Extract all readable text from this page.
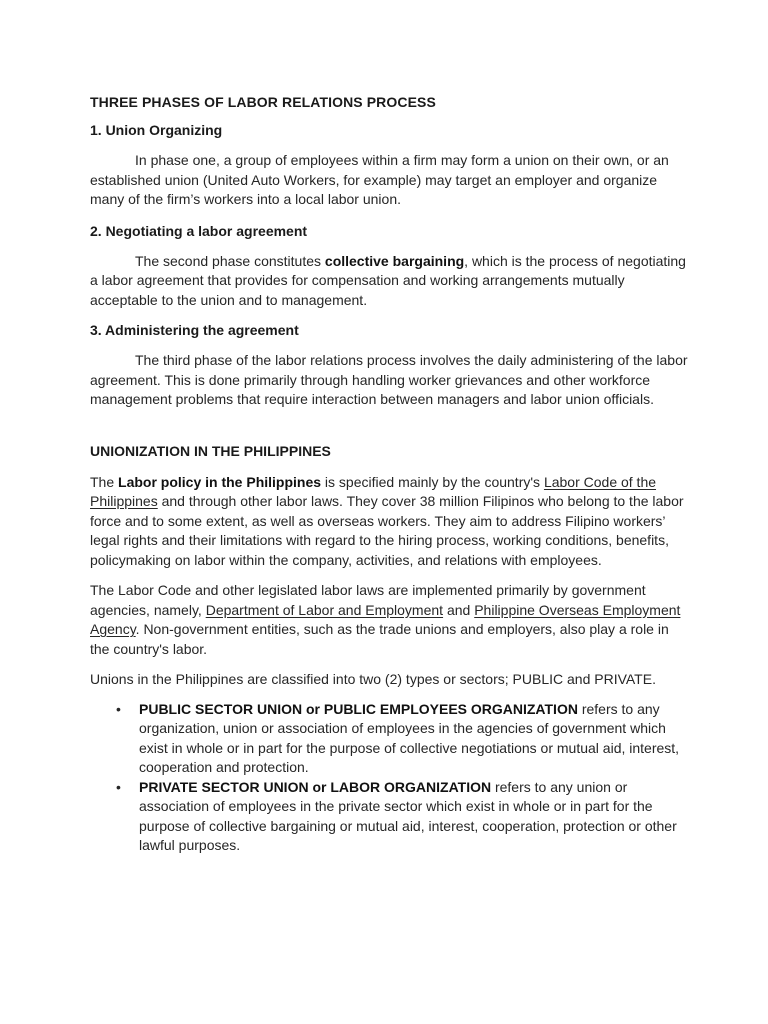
THREE PHASES OF LABOR RELATIONS PROCESS
1. Union Organizing

In phase one, a group of employees within a firm may form a union on their own, or an established union (United Auto Workers, for example) may target an employer and organize many of the firm’s workers into a local labor union.

2. Negotiating a labor agreement

The second phase constitutes collective bargaining, which is the process of negotiating a labor agreement that provides for compensation and working arrangements mutually acceptable to the union and to management.

3. Administering the agreement

The third phase of the labor relations process involves the daily administering of the labor agreement. This is done primarily through handling worker grievances and other workforce management problems that require interaction between managers and labor union officials.

UNIONIZATION IN THE PHILIPPINES

The Labor policy in the Philippines is specified mainly by the country's Labor Code of the Philippines and through other labor laws. They cover 38 million Filipinos who belong to the labor force and to some extent, as well as overseas workers. They aim to address Filipino workers’ legal rights and their limitations with regard to the hiring process, working conditions, benefits, policymaking on labor within the company, activities, and relations with employees.

The Labor Code and other legislated labor laws are implemented primarily by government agencies, namely, Department of Labor and Employment and Philippine Overseas Employment Agency. Non-government entities, such as the trade unions and employers, also play a role in the country's labor.

Unions in the Philippines are classified into two (2) types or sectors; PUBLIC and PRIVATE.

• PUBLIC SECTOR UNION or PUBLIC EMPLOYEES ORGANIZATION refers to any organization, union or association of employees in the agencies of government which exist in whole or in part for the purpose of collective negotiations or mutual aid, interest, cooperation and protection.
• PRIVATE SECTOR UNION or LABOR ORGANIZATION refers to any union or association of employees in the private sector which exist in whole or in part for the purpose of collective bargaining or mutual aid, interest, cooperation, protection or other lawful purposes.
